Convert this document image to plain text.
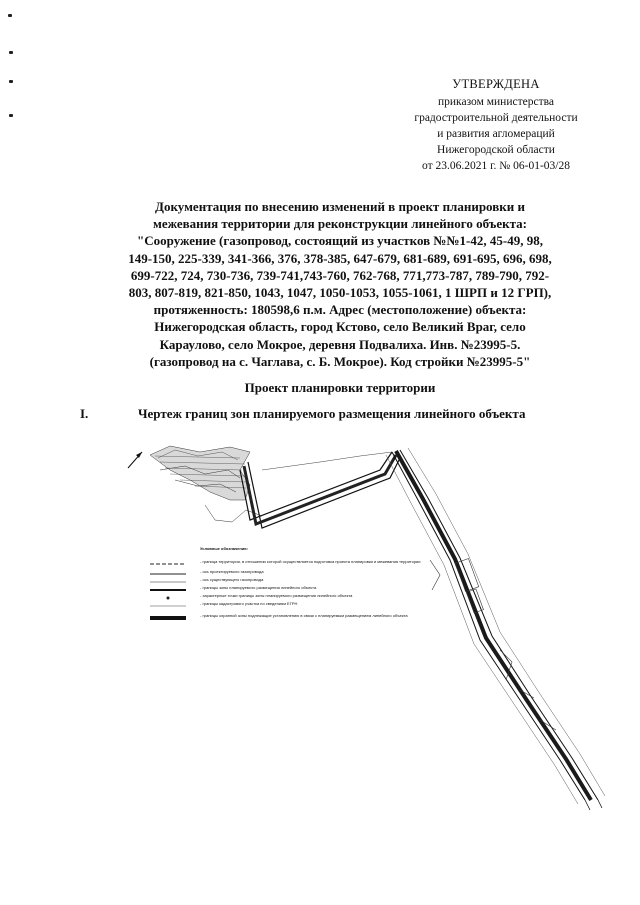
УТВЕРЖДЕНА
приказом министерства
градостроительной деятельности
и развития агломераций
Нижегородской области
от 23.06.2021 г. № 06-01-03/28
Документация по внесению изменений в проект планировки и
межевания территории для реконструкции линейного объекта:
"Сооружение (газопровод, состоящий из участков №№1-42, 45-49, 98,
149-150, 225-339, 341-366, 376, 378-385, 647-679, 681-689, 691-695, 696, 698,
699-722, 724, 730-736, 739-741,743-760, 762-768, 771,773-787, 789-790, 792-
803, 807-819, 821-850, 1043, 1047, 1050-1053, 1055-1061, 1 ШРП и 12 ГРП),
протяженность: 180598,6 п.м. Адрес (местоположение) объекта:
Нижегородская область, город Кстово, село Великий Враг, село
Караулово, село Мокрое, деревня Подвалиха. Инв. №23995-5.
(газопровод на с. Чаглава, с. Б. Мокрое). Код стройки №23995-5"
Проект планировки территории
I.	Чертеж границ зон планируемого размещения линейного объекта
Условные обозначения:
- граница территории, в отношении которой осуществляется подготовка проекта планировки и межевания территории
- ось проектируемого газопровода
- ось существующего газопровода
- границы зоны планируемого размещения линейного объекта
- характерные точки границы зоны планируемого размещения линейного объекта
- границы кадастрового участка по сведениям ЕГРН
- границы охранной зоны подлежащие установлению в связи с планируемым размещением линейного объекта
